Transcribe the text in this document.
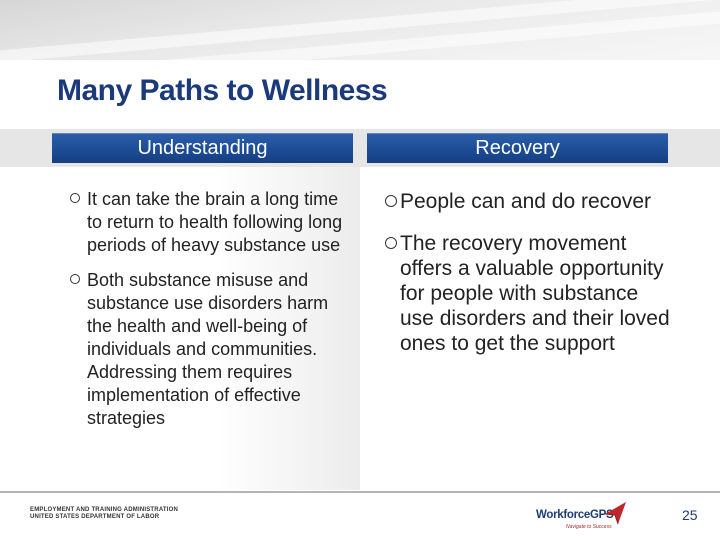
Many Paths to Wellness
Understanding	Recovery
It can take the brain a long time to return to health following long periods of heavy substance use
Both substance misuse and substance use disorders harm the health and well-being of individuals and communities. Addressing them requires implementation of effective strategies
People can and do recover
The recovery movement offers a valuable opportunity for people with substance use disorders and their loved ones to get the support
EMPLOYMENT AND TRAINING ADMINISTRATION
UNITED STATES DEPARTMENT OF LABOR	WorkforceGPS
Navigate to Success
25
